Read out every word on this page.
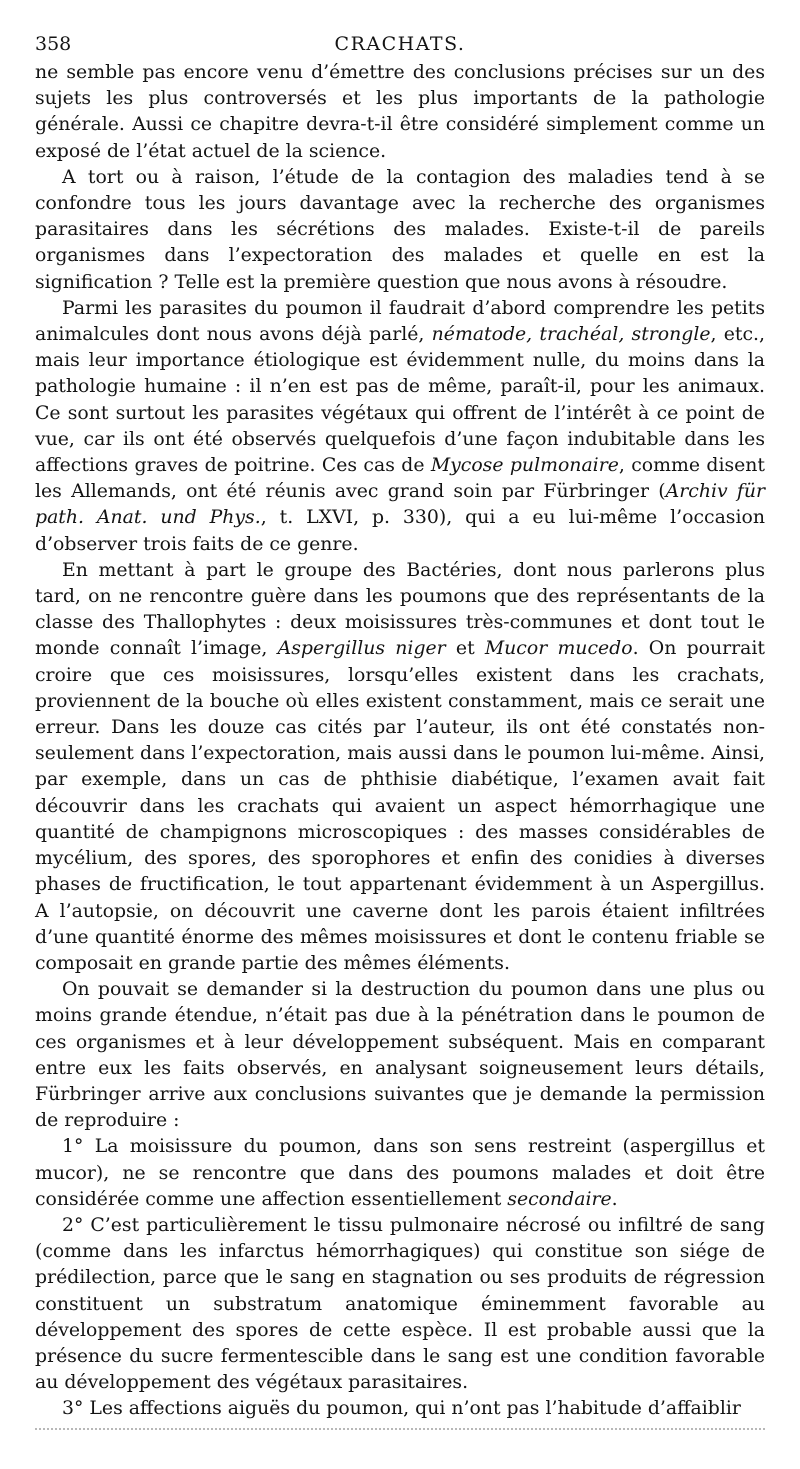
358	CRACHATS.

ne semble pas encore venu d’émettre des conclusions précises sur un des sujets les plus controversés et les plus importants de la pathologie générale. Aussi ce chapitre devra-t-il être considéré simplement comme un exposé de l’état actuel de la science.

A tort ou à raison, l’étude de la contagion des maladies tend à se confondre tous les jours davantage avec la recherche des organismes parasitaires dans les sécrétions des malades. Existe-t-il de pareils organismes dans l’expectoration des malades et quelle en est la signification ? Telle est la première question que nous avons à résoudre.

Parmi les parasites du poumon il faudrait d’abord comprendre les petits animalcules dont nous avons déjà parlé, nématode, trachéal, strongle, etc., mais leur importance étiologique est évidemment nulle, du moins dans la pathologie humaine : il n’en est pas de même, paraît-il, pour les animaux. Ce sont surtout les parasites végétaux qui offrent de l’intérêt à ce point de vue, car ils ont été observés quelquefois d’une façon indubitable dans les affections graves de poitrine. Ces cas de Mycose pulmonaire, comme disent les Allemands, ont été réunis avec grand soin par Fürbringer (Archiv für path. Anat. und Phys., t. LXVI, p. 330), qui a eu lui-même l’occasion d’observer trois faits de ce genre.

En mettant à part le groupe des Bactéries, dont nous parlerons plus tard, on ne rencontre guère dans les poumons que des représentants de la classe des Thallophytes : deux moisissures très-communes et dont tout le monde connaît l’image, Aspergillus niger et Mucor mucedo. On pourrait croire que ces moisissures, lorsqu’elles existent dans les crachats, proviennent de la bouche où elles existent constamment, mais ce serait une erreur. Dans les douze cas cités par l’auteur, ils ont été constatés non-seulement dans l’expectoration, mais aussi dans le poumon lui-même. Ainsi, par exemple, dans un cas de phthisie diabétique, l’examen avait fait découvrir dans les crachats qui avaient un aspect hémorrhagique une quantité de champignons microscopiques : des masses considérables de mycélium, des spores, des sporophores et enfin des conidies à diverses phases de fructification, le tout appartenant évidemment à un Aspergillus. A l’autopsie, on découvrit une caverne dont les parois étaient infiltrées d’une quantité énorme des mêmes moisissures et dont le contenu friable se composait en grande partie des mêmes éléments.

On pouvait se demander si la destruction du poumon dans une plus ou moins grande étendue, n’était pas due à la pénétration dans le poumon de ces organismes et à leur développement subséquent. Mais en comparant entre eux les faits observés, en analysant soigneusement leurs détails, Fürbringer arrive aux conclusions suivantes que je demande la permission de reproduire :

1° La moisissure du poumon, dans son sens restreint (aspergillus et mucor), ne se rencontre que dans des poumons malades et doit être considérée comme une affection essentiellement secondaire.

2° C’est particulièrement le tissu pulmonaire nécrosé ou infiltré de sang (comme dans les infarctus hémorrhagiques) qui constitue son siége de prédilection, parce que le sang en stagnation ou ses produits de régression constituent un substratum anatomique éminemment favorable au développement des spores de cette espèce. Il est probable aussi que la présence du sucre fermentescible dans le sang est une condition favorable au développement des végétaux parasitaires.

3° Les affections aiguës du poumon, qui n’ont pas l’habitude d’affaiblir
